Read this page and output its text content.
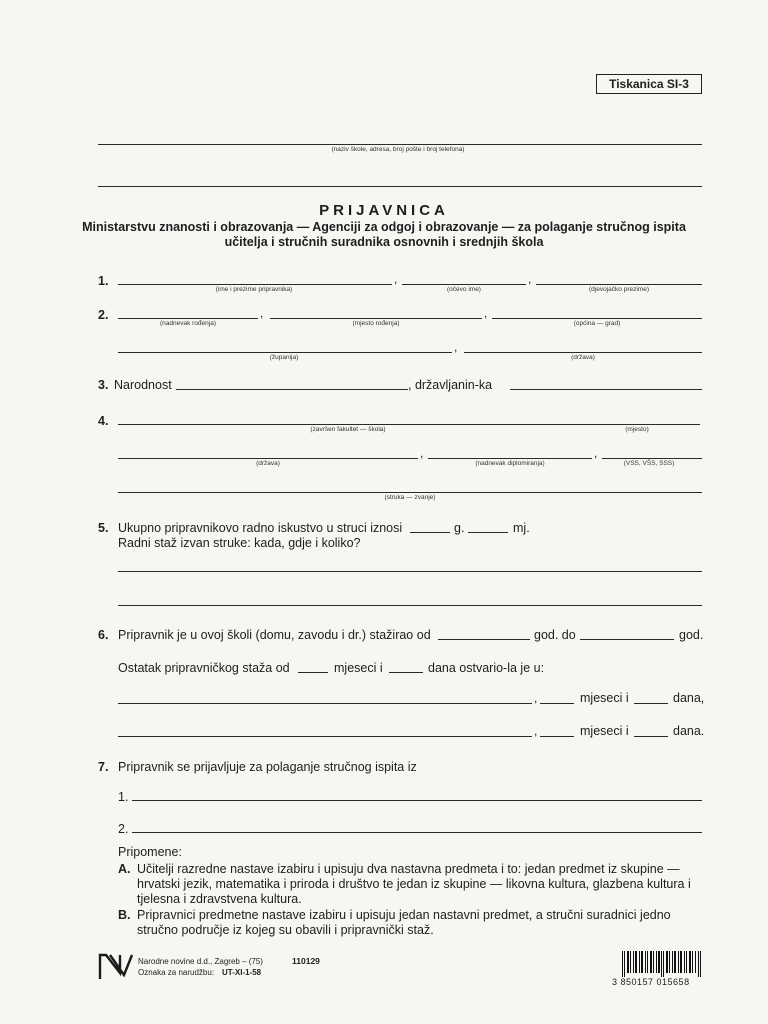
Tiskanica SI-3
(naziv škole, adresa, broj pošte i broj telefona)
PRIJAVNICA
Ministarstvu znanosti i obrazovanja — Agenciji za odgoj i obrazovanje — za polaganje stručnog ispita
učitelja i stručnih suradnika osnovnih i srednjih škola
1.	,	,
(ime i prezime pripravnika)	(očevo ime)	(djevojačko prezime)
2.	,	,
(nadnevak rođenja)	(mjesto rođenja)	(općina — grad)
,
(županija)	(država)
3. Narodnost	, državljanin-ka
4.
(završen fakultet — škola)	(mjesto)
,	,
(država)	(nadnevak diplomiranja)	(VSS, VŠS, SSS)
(struka — zvanje)
5. Ukupno pripravnikovo radno iskustvo u struci iznosi	g.	mj.
Radni staž izvan struke: kada, gdje i koliko?
6. Pripravnik je u ovoj školi (domu, zavodu i dr.) stažirao od	god. do	god.
Ostatak pripravničkog staža od	mjeseci i	dana ostvario-la je u:
,	mjeseci i	dana,
,	mjeseci i	dana.
7. Pripravnik se prijavljuje za polaganje stručnog ispita iz
1.
2.
Pripomene:
A. Učitelji razredne nastave izabiru i upisuju dva nastavna predmeta i to: jedan predmet iz skupine — hrvatski jezik, matematika i priroda i društvo te jedan iz skupine — likovna kultura, glazbena kultura i tjelesna i zdravstvena kultura.
B. Pripravnici predmetne nastave izabiru i upisuju jedan nastavni predmet, a stručni suradnici jedno stručno područje iz kojeg su obavili i pripravnički staž.
Narodne novine d.d., Zagreb – (75)	110129
Oznaka za narudžbu: UT-XI-1-58
3 850157 015658
